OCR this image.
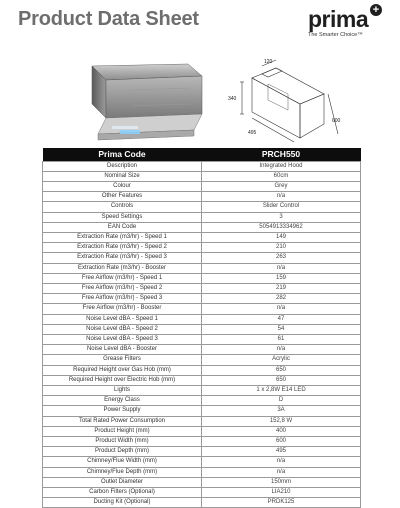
Product Data Sheet	prima +
The Smarter Choice™
120
340
495
600
Prima Code	PRCH550
Description	Integrated Hood
Nominal Size	60cm
Colour	Grey
Other Features	n/a
Controls	Slider Control
Speed Settings	3
EAN Code	5054913334962
Extraction Rate (m3/hr) - Speed 1	149
Extraction Rate (m3/hr) - Speed 2	210
Extraction Rate (m3/hr) - Speed 3	263
Extraction Rate (m3/hr) - Booster	n/a
Free Airflow (m3/hr) - Speed 1	159
Free Airflow (m3/hr) - Speed 2	219
Free Airflow (m3/hr) - Speed 3	282
Free Airflow (m3/hr) - Booster	n/a
Noise Level dBA - Speed 1	47
Noise Level dBA - Speed 2	54
Noise Level dBA - Speed 3	61
Noise Level dBA - Booster	n/a
Grease Filters	Acrylic
Required Height over Gas Hob (mm)	650
Required Height over Electric Hob (mm)	650
Lights	1 x 2,8W E14 LED
Energy Class	D
Power Supply	3A
Total Rated Power Consumption	152,8 W
Product Height (mm)	400
Product Width (mm)	600
Product Depth (mm)	495
Chimney/Flue Width (mm)	n/a
Chimney/Flue Depth (mm)	n/a
Outlet Diameter	150mm
Carbon Filters (Optional)	LIA210
Ducting Kit (Optional)	PRDK125
